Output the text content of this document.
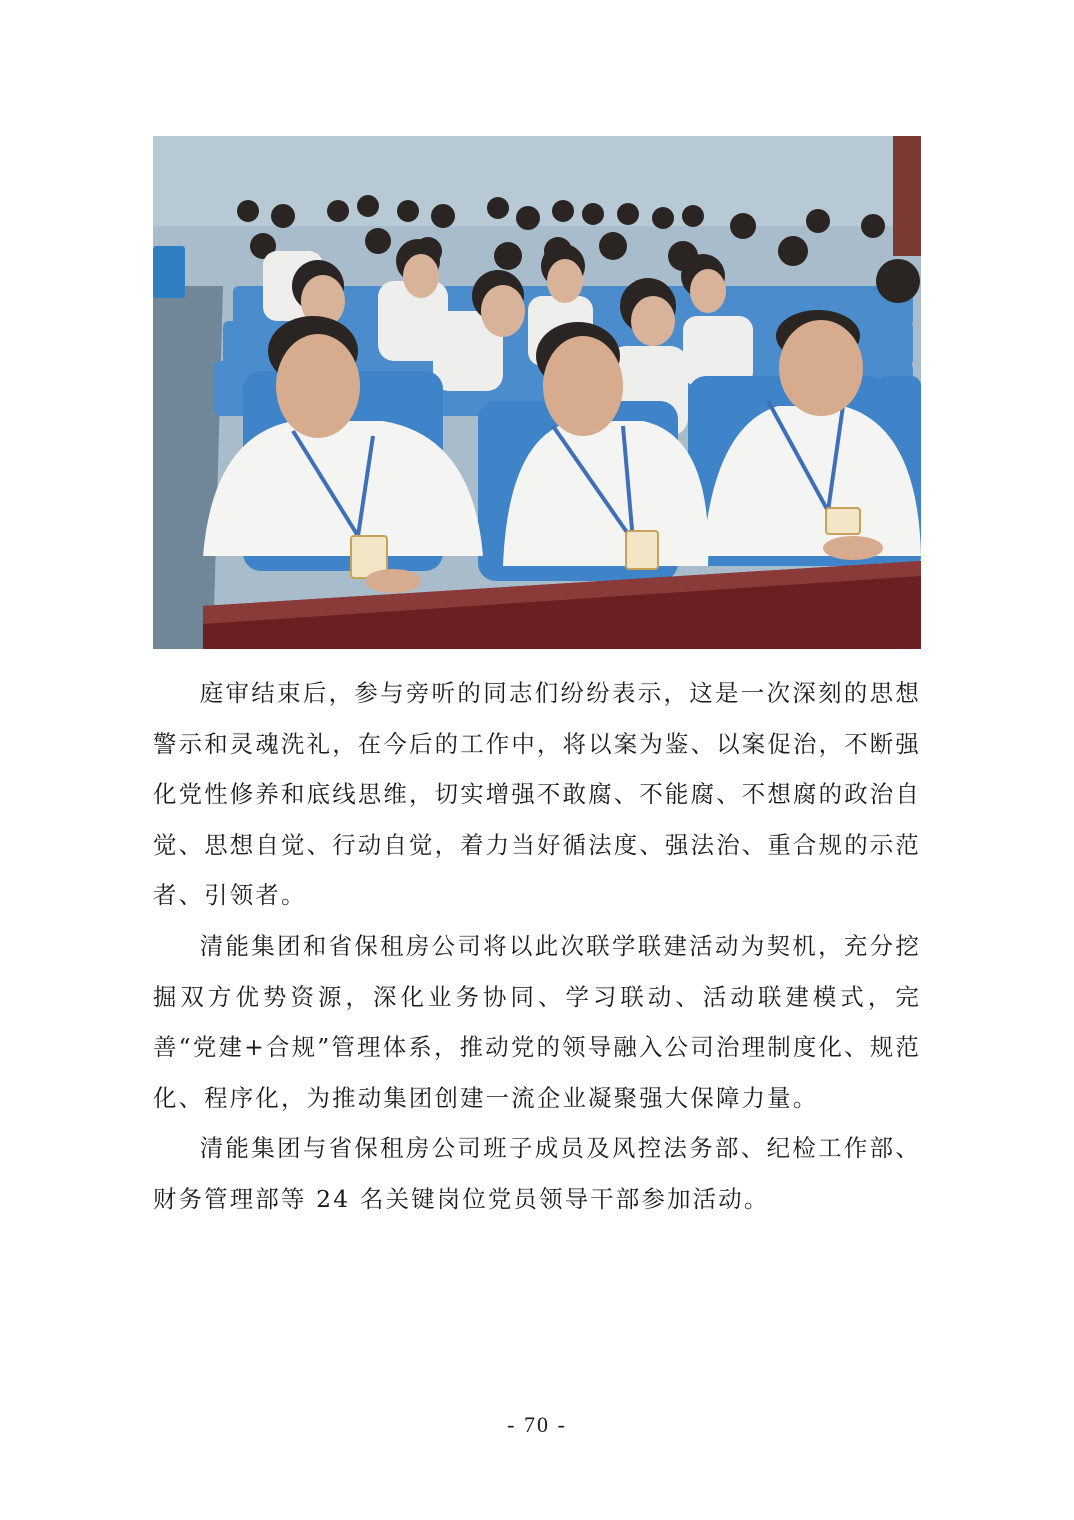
庭审结束后，参与旁听的同志们纷纷表示，这是一次深刻的思想警示和灵魂洗礼，在今后的工作中，将以案为鉴、以案促治，不断强化党性修养和底线思维，切实增强不敢腐、不能腐、不想腐的政治自觉、思想自觉、行动自觉，着力当好循法度、强法治、重合规的示范者、引领者。

清能集团和省保租房公司将以此次联学联建活动为契机，充分挖掘双方优势资源，深化业务协同、学习联动、活动联建模式，完善“党建+合规”管理体系，推动党的领导融入公司治理制度化、规范化、程序化，为推动集团创建一流企业凝聚强大保障力量。

清能集团与省保租房公司班子成员及风控法务部、纪检工作部、财务管理部等 24 名关键岗位党员领导干部参加活动。

- 70 -
